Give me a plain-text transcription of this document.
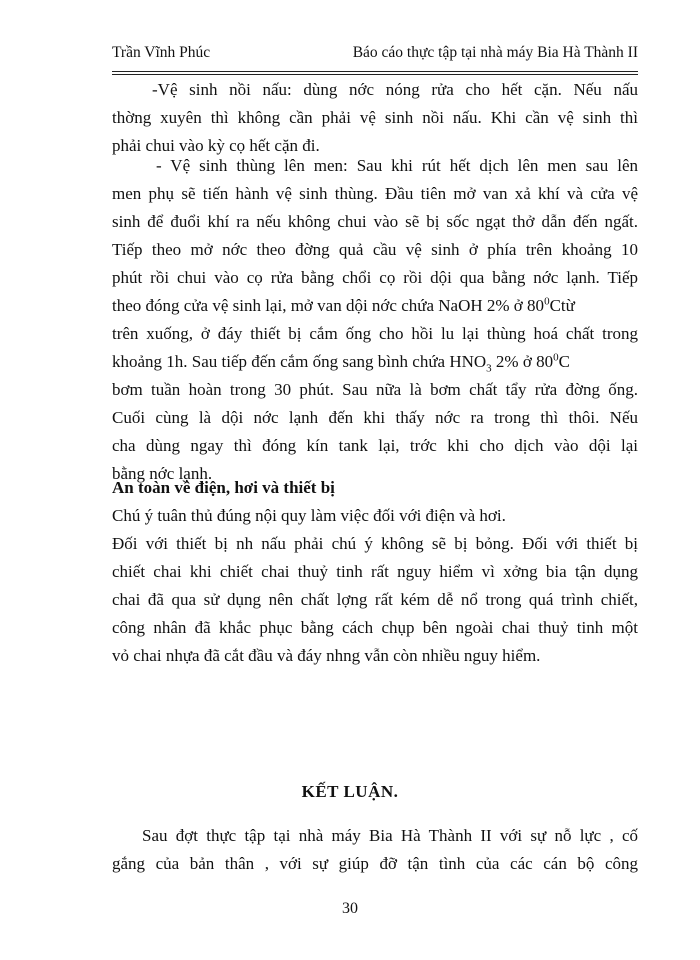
Trần Vĩnh Phúc	Báo cáo thực tập tại nhà máy Bia Hà Thành II
-Vệ sinh nồi nấu: dùng nớc nóng rửa cho hết cặn. Nếu nấu
thờng xuyên thì không cần phải vệ sinh nồi nấu. Khi cần vệ sinh thì
phải chui vào kỳ cọ hết cặn đi.
- Vệ sinh thùng lên men: Sau khi rút hết dịch lên men sau lên
men phụ sẽ tiến hành vệ sinh thùng. Đầu tiên mở van xả khí và cửa vệ
sinh để đuổi khí ra nếu không chui vào sẽ bị sốc ngạt thở dẫn đến ngất.
Tiếp theo mở nớc theo đờng quả cầu vệ sinh ở phía trên khoảng 10
phút rồi chui vào cọ rửa bằng chổi cọ rồi dội qua bằng nớc lạnh. Tiếp
theo đóng cửa vệ sinh lại, mở van dội nớc chứa NaOH 2% ở $80^0Ctừ$
trên xuống, ở đáy thiết bị cắm ống cho hồi lu lại thùng hoá chất trong
khoảng 1h. Sau tiếp đến cắm ống sang bình chứa $HNO_3$ 2% ở $80^0C$
bơm tuần hoàn trong 30 phút. Sau nữa là bơm chất tẩy rửa đờng ống.
Cuối cùng là dội nớc lạnh đến khi thấy nớc ra trong thì thôi. Nếu
cha dùng ngay thì đóng kín tank lại, trớc khi cho dịch vào dội lại
bằng nớc lạnh.
An toàn về điện, hơi và thiết bị
Chú ý tuân thủ đúng nội quy làm việc đối với điện và hơi.
Đối với thiết bị nh nấu phải chú ý không sẽ bị bỏng. Đối với thiết bị
chiết chai khi chiết chai thuỷ tinh rất nguy hiểm vì xởng bia tận dụng
chai đã qua sử dụng nên chất lợng rất kém dễ nổ trong quá trình chiết,
công nhân đã khắc phục bằng cách chụp bên ngoài chai thuỷ tinh một
vỏ chai nhựa đã cắt đầu và đáy nhng vẫn còn nhiều nguy hiểm.
KẾT LUẬN.
Sau đợt thực tập tại nhà máy Bia Hà Thành II với sự nỗ lực , cố
gắng của bản thân , với sự giúp đỡ tận tình của các cán bộ công
30
